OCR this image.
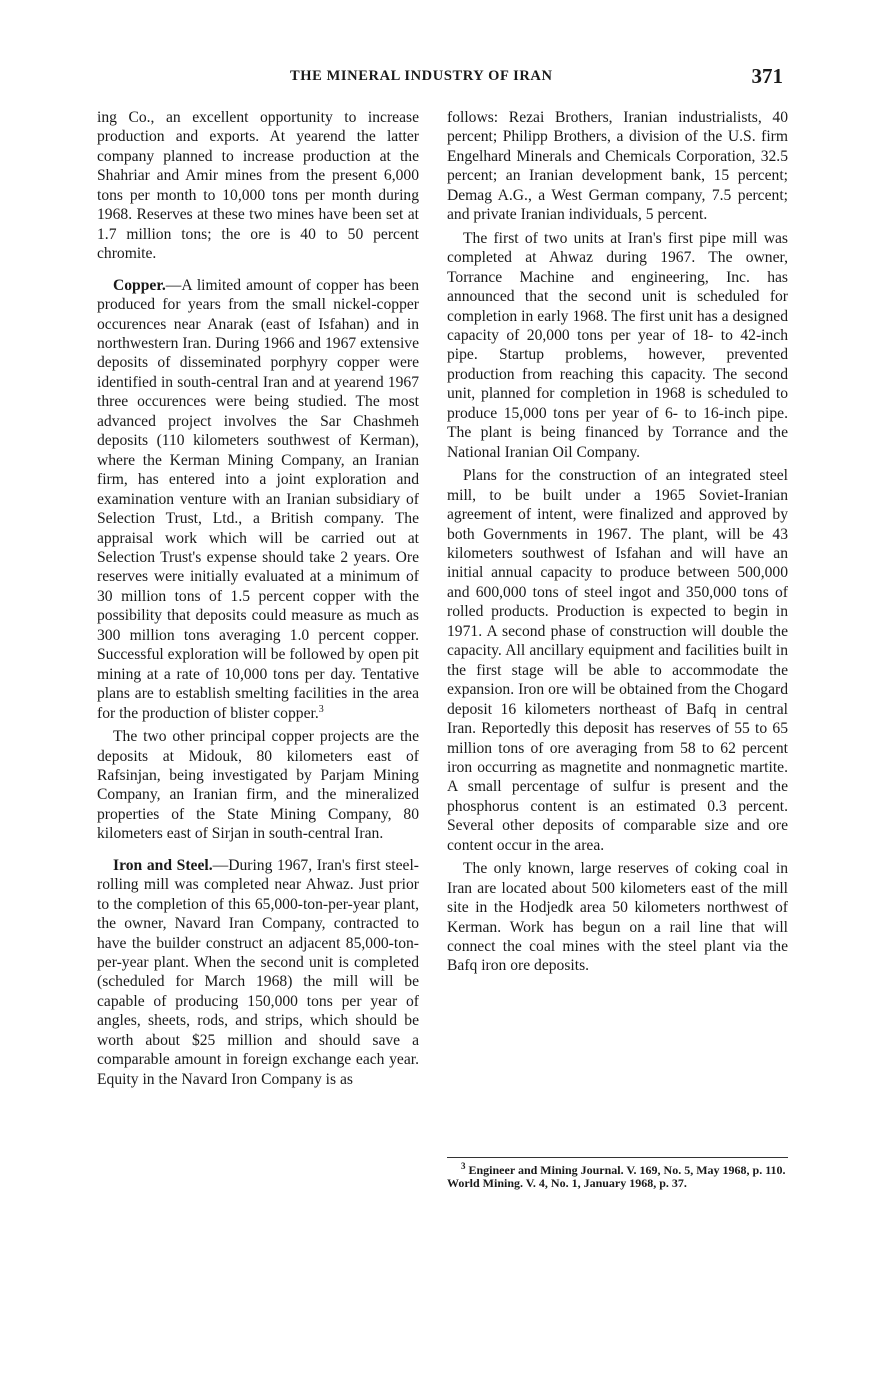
THE MINERAL INDUSTRY OF IRAN	371

ing Co., an excellent opportunity to increase production and exports. At yearend the latter company planned to increase production at the Shahriar and Amir mines from the present 6,000 tons per month to 10,000 tons per month during 1968. Reserves at these two mines have been set at 1.7 million tons; the ore is 40 to 50 percent chromite.

Copper.—A limited amount of copper has been produced for years from the small nickel-copper occurences near Anarak (east of Isfahan) and in northwestern Iran. During 1966 and 1967 extensive deposits of disseminated porphyry copper were identified in south-central Iran and at yearend 1967 three occurences were being studied. The most advanced project involves the Sar Chashmeh deposits (110 kilometers southwest of Kerman), where the Kerman Mining Company, an Iranian firm, has entered into a joint exploration and examination venture with an Iranian subsidiary of Selection Trust, Ltd., a British company. The appraisal work which will be carried out at Selection Trust's expense should take 2 years. Ore reserves were initially evaluated at a minimum of 30 million tons of 1.5 percent copper with the possibility that deposits could measure as much as 300 million tons averaging 1.0 percent copper. Successful exploration will be followed by open pit mining at a rate of 10,000 tons per day. Tentative plans are to establish smelting facilities in the area for the production of blister copper.$^3$

The two other principal copper projects are the deposits at Midouk, 80 kilometers east of Rafsinjan, being investigated by Parjam Mining Company, an Iranian firm, and the mineralized properties of the State Mining Company, 80 kilometers east of Sirjan in south-central Iran.

Iron and Steel.—During 1967, Iran's first steel-rolling mill was completed near Ahwaz. Just prior to the completion of this 65,000-ton-per-year plant, the owner, Navard Iran Company, contracted to have the builder construct an adjacent 85,000-ton-per-year plant. When the second unit is completed (scheduled for March 1968) the mill will be capable of producing 150,000 tons per year of angles, sheets, rods, and strips, which should be worth about $25 million and should save a comparable amount in foreign exchange each year. Equity in the Navard Iron Company is as

follows: Rezai Brothers, Iranian industrialists, 40 percent; Philipp Brothers, a division of the U.S. firm Engelhard Minerals and Chemicals Corporation, 32.5 percent; an Iranian development bank, 15 percent; Demag A.G., a West German company, 7.5 percent; and private Iranian individuals, 5 percent.

The first of two units at Iran's first pipe mill was completed at Ahwaz during 1967. The owner, Torrance Machine and engineering, Inc. has announced that the second unit is scheduled for completion in early 1968. The first unit has a designed capacity of 20,000 tons per year of 18- to 42-inch pipe. Startup problems, however, prevented production from reaching this capacity. The second unit, planned for completion in 1968 is scheduled to produce 15,000 tons per year of 6- to 16-inch pipe. The plant is being financed by Torrance and the National Iranian Oil Company.

Plans for the construction of an integrated steel mill, to be built under a 1965 Soviet-Iranian agreement of intent, were finalized and approved by both Governments in 1967. The plant, will be 43 kilometers southwest of Isfahan and will have an initial annual capacity to produce between 500,000 and 600,000 tons of steel ingot and 350,000 tons of rolled products. Production is expected to begin in 1971. A second phase of construction will double the capacity. All ancillary equipment and facilities built in the first stage will be able to accommodate the expansion. Iron ore will be obtained from the Chogard deposit 16 kilometers northeast of Bafq in central Iran. Reportedly this deposit has reserves of 55 to 65 million tons of ore averaging from 58 to 62 percent iron occurring as magnetite and nonmagnetic martite. A small percentage of sulfur is present and the phosphorus content is an estimated 0.3 percent. Several other deposits of comparable size and ore content occur in the area.

The only known, large reserves of coking coal in Iran are located about 500 kilometers east of the mill site in the Hodjedk area 50 kilometers northwest of Kerman. Work has begun on a rail line that will connect the coal mines with the steel plant via the Bafq iron ore deposits.

$^3$ Engineer and Mining Journal. V. 169, No. 5, May 1968, p. 110.

World Mining. V. 4, No. 1, January 1968, p. 37.
